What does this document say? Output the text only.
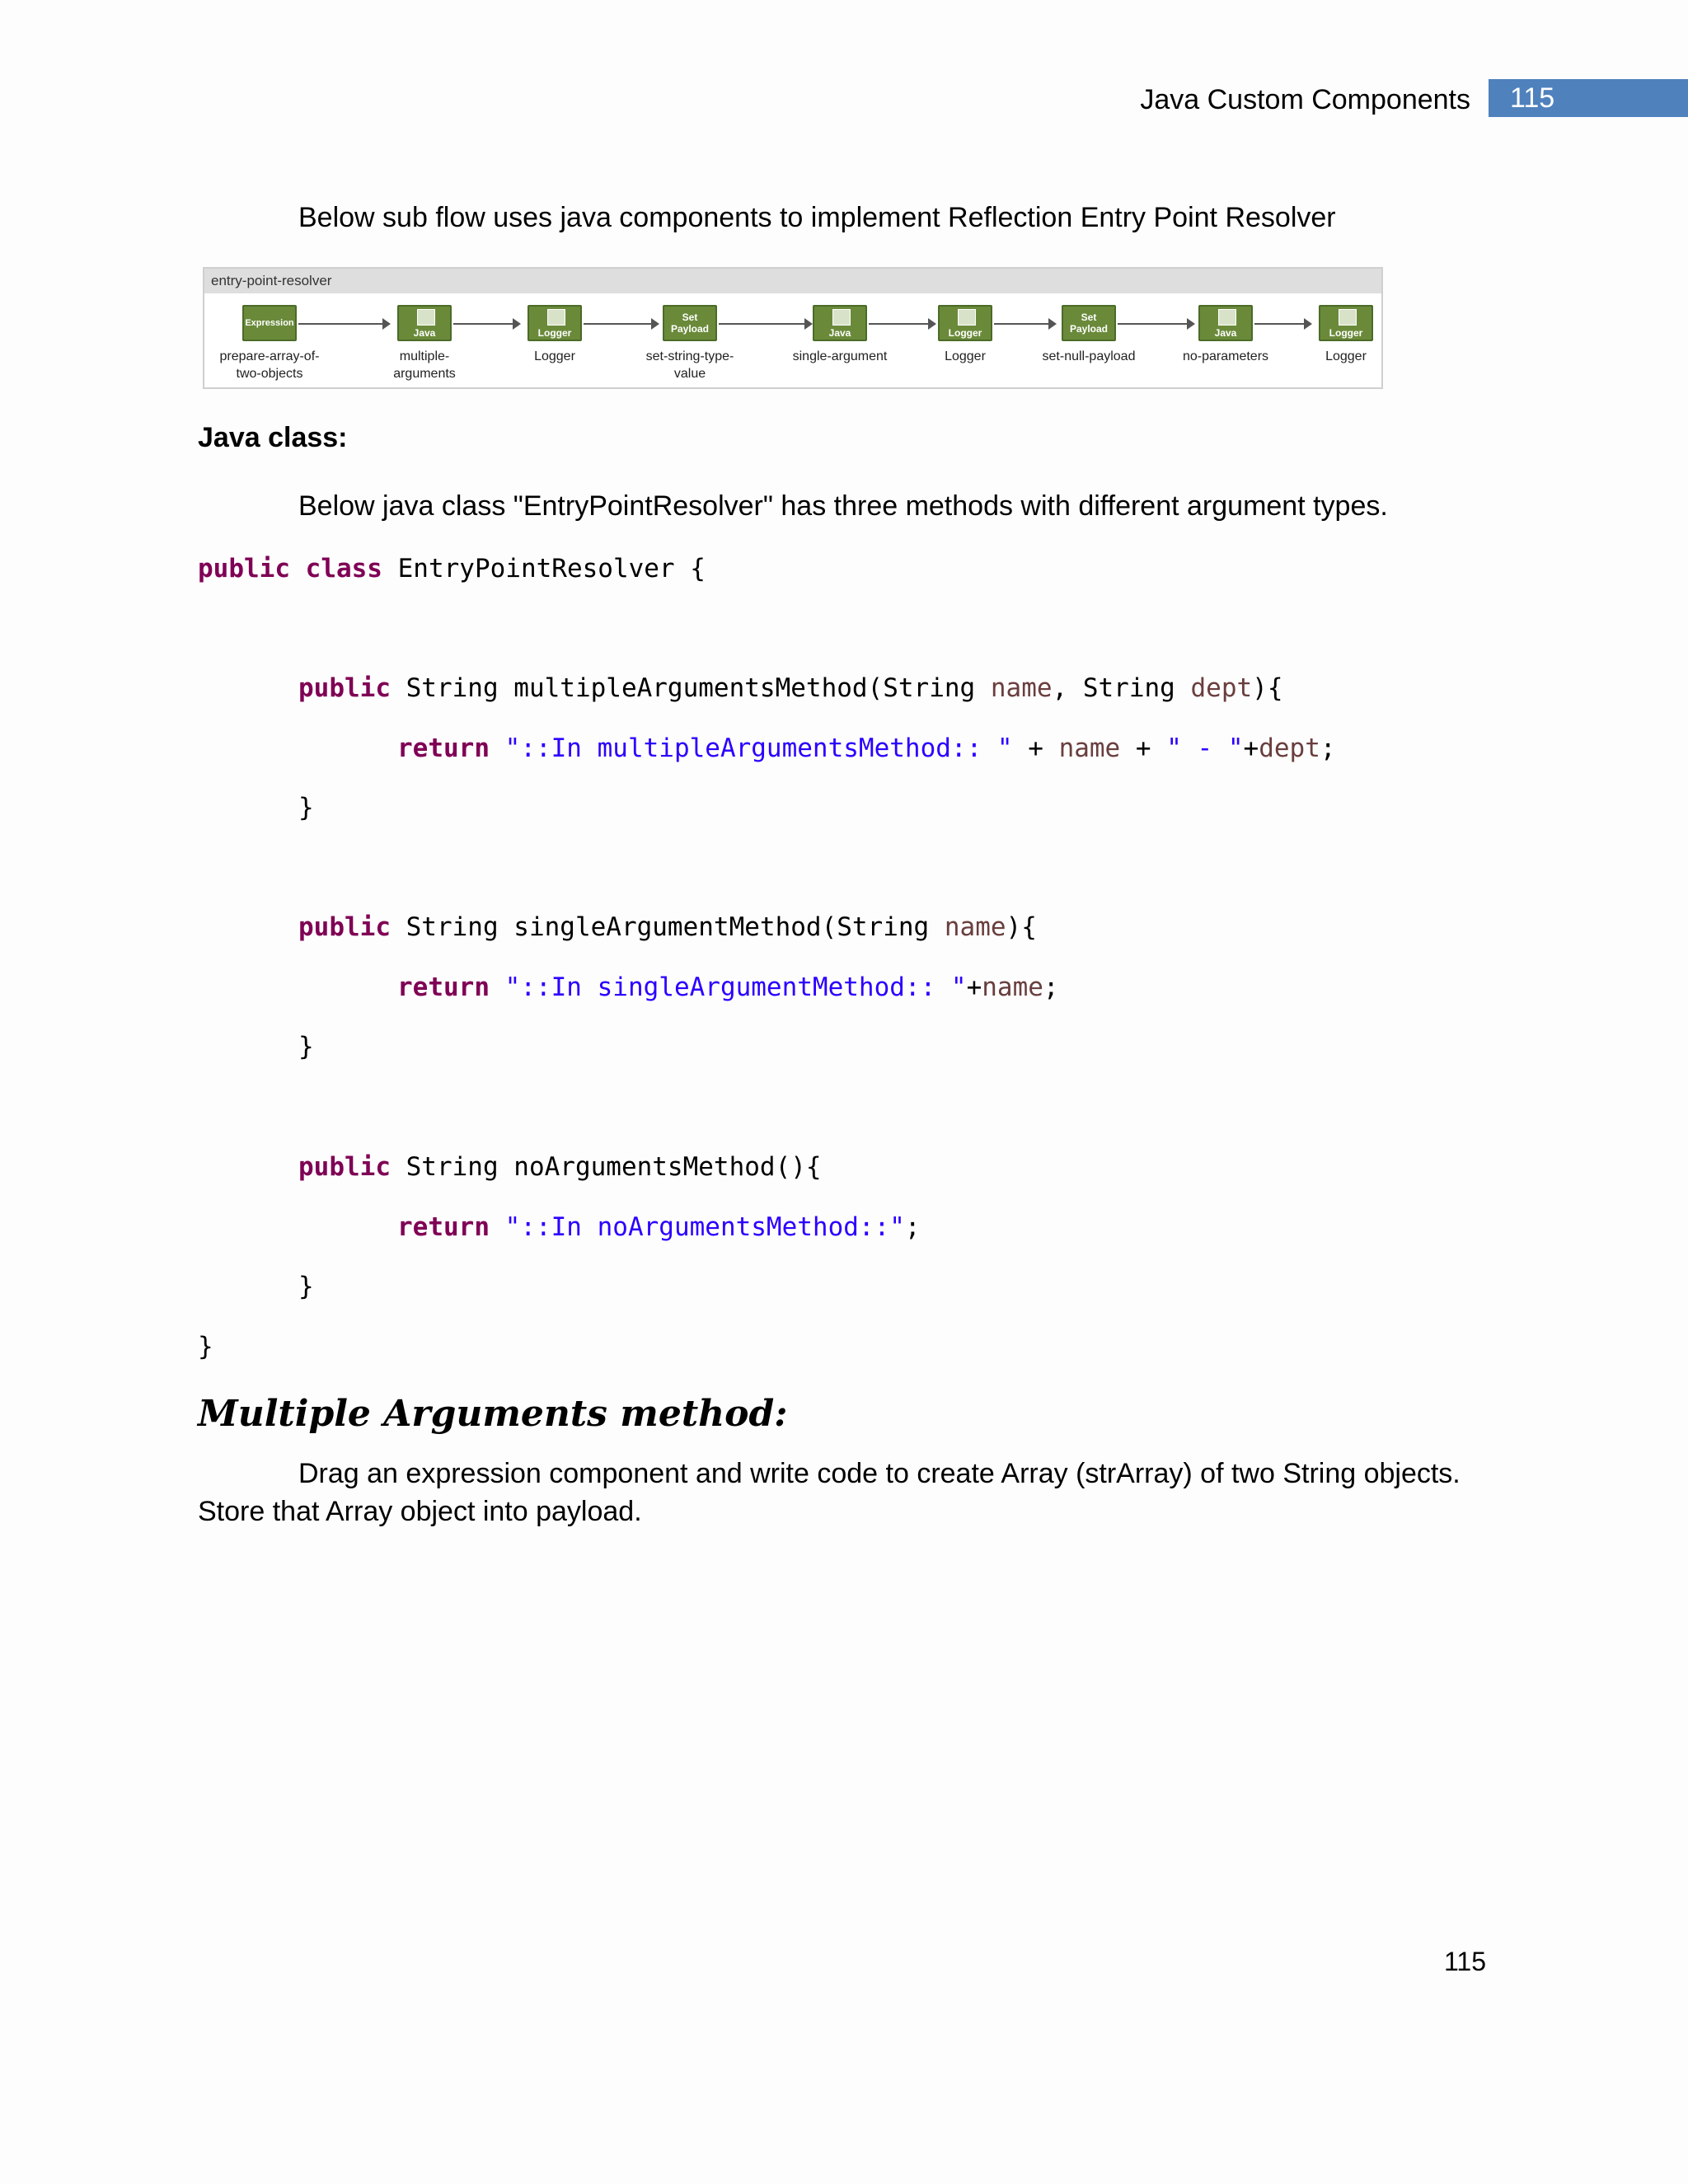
Java Custom Components 115
Below sub flow uses java components to implement Reflection Entry Point Resolver
entry-point-resolver
Expression
prepare-array-of-
two-objects
Java
multiple-
arguments
Logger
Logger
Set
Payload
set-string-type-
value
Java
single-argument
Logger
Logger
Set
Payload
set-null-payload
Java
no-parameters
Logger
Logger
Java class:
Below java class "EntryPointResolver" has three methods with different argument types.
public class EntryPointResolver {
public String multipleArgumentsMethod(String name, String dept){
return "::In multipleArgumentsMethod:: " + name + " - "+dept;
}
public String singleArgumentMethod(String name){
return "::In singleArgumentMethod:: "+name;
}
public String noArgumentsMethod(){
return "::In noArgumentsMethod::";
}
}
Multiple Arguments method:
Drag an expression component and write code to create Array (strArray) of two String objects.
Store that Array object into payload.
115
